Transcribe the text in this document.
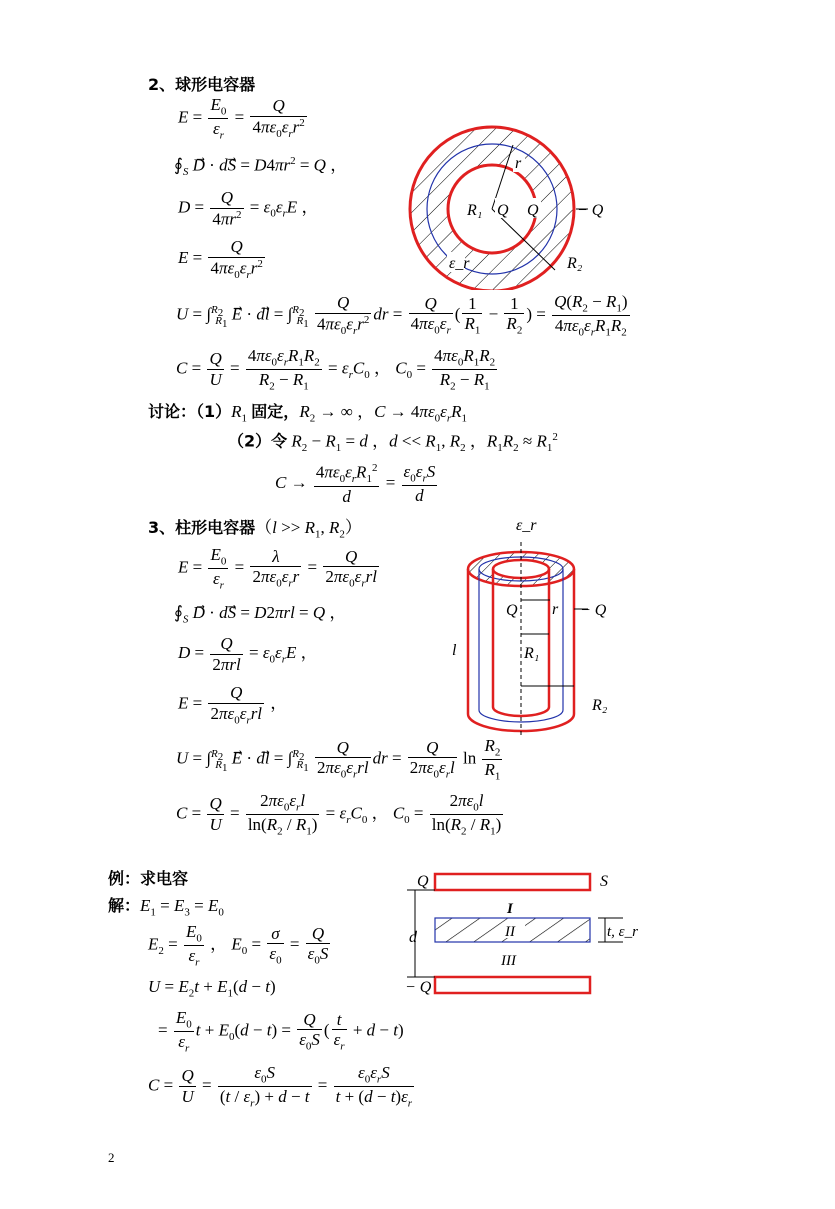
2、球形电容器
$E = \frac{E_0}{\varepsilon_r} = \frac{Q}{4\pi\varepsilon_0\varepsilon_rr^2}$
$∮_S$ D⃗ · dS⃗ = $D4\pi r^2 = Q$ ，
$D = \frac{Q}{4\pi r^2} = \varepsilon_0\varepsilon_rE$ ，
$E = \frac{Q}{4\pi\varepsilon_0\varepsilon_rr^2}$
U = ∫$^{R_2}_{R_1}$ E⃗ · dl⃗ = $\int^{R_2}_{R_1} \frac{Q}{4\pi\varepsilon_0\varepsilon_rr^2}$ dr = $\frac{Q}{4\pi\varepsilon_0\varepsilon_r}$ ( $\frac{1}{R_1} - \frac{1}{R_2}$ ) = $\frac{Q(R_2 - R_1)}{4\pi\varepsilon_0\varepsilon_rR_1R_2}$
$C = \frac{Q}{U} = \frac{4\pi\varepsilon_0\varepsilon_rR_1R_2}{R_2 - R_1} = \varepsilon_rC_0$ ， $C_0 = \frac{4\pi\varepsilon_0R_1R_2}{R_2 - R_1}$
讨论：$(1)R_1$ 固定，$R_2$ → ∞ ，$C \to 4\pi\varepsilon_0\varepsilon_rR_1$
（2）令 $R_2 - R_1 = d$ ，$d << R_1$, $R_2$ ，$R_1R_2 \approx R_1^2$
$C \to \frac{4\pi\varepsilon_0\varepsilon_rR_1^2}{d} = \frac{\varepsilon_0\varepsilon_rS}{d}$
R₁ Q Q − Q
r
ε_r	R₂
3、柱形电容器（$l >> R_1$, $R_2$）
$E = \frac{E_0}{\varepsilon_r} = \frac{\lambda}{2\pi\varepsilon_0\varepsilon_rr} = \frac{Q}{2\pi\varepsilon_0\varepsilon_rrl}$
$∮_S$ D⃗ · dS⃗ = D2πrl = Q ，
$D = \frac{Q}{\text{2πrl}} = \varepsilon_0\varepsilon_rE$ ，
$E = \frac{Q}{2\pi\varepsilon_0\varepsilon_rrl}$ ，
U = ∫$^{R_2}_{R_1}$ E⃗ · dl⃗ = $\int^{R_2}_{R_1} \frac{Q}{2\pi\varepsilon_0\varepsilon_rrl}$ dr = $\frac{Q}{2\pi\varepsilon_0\varepsilon_rl}$ $\ln \frac{R_2}{R_1}$
$C = \frac{Q}{U} = \frac{2\pi\varepsilon_0\varepsilon_rl}{\ln(R_2 / R_1)} = \varepsilon_rC_0$ ， $C_0 = \frac{2\pi\varepsilon_0l}{\ln(R_2 / R_1)}$
ε_r
Q r − Q
l	R₁
R₂
例：求电容
解：$E_1 = E_3 = E_0$
$E_2 = \frac{E_0}{\varepsilon_r}$ ， $E_0 = \frac{\sigma}{\varepsilon_0} = \frac{Q}{\varepsilon_0S}$
$U = E_2t + E_1(d - t)$
= $\frac{E_0}{\varepsilon_r}$ $t + E_0(d - t) = \frac{Q}{\varepsilon_0S}$ ( $\frac{t}{\varepsilon_r} + d - t$)
$C = \frac{Q}{U} = \frac{\varepsilon_0S}{(t / \varepsilon_r) + d - t} = \frac{\varepsilon_0\varepsilon_rS}{t + (d - t)\varepsilon_r}$
Q	S
I
II
III
d	t, ε_r
− Q
2
